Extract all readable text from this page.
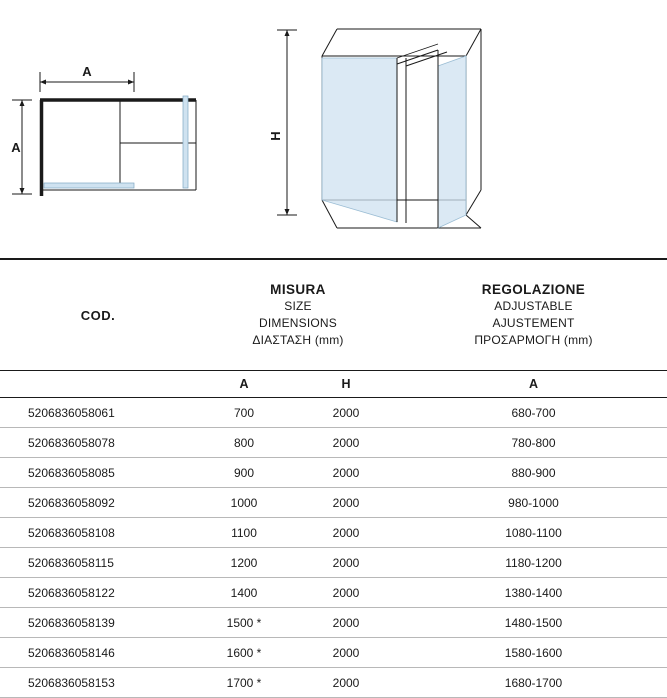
A
A
H
COD.	MISURA
SIZE
DIMENSIONS
ΔΙΑΣΤΑΣΗ (mm)		REGOLAZIONE
ADJUSTABLE
AJUSTEMENT
ΠΡΟΣΑΡΜΟΓΗ (mm)

	A	H	A
5206836058061	700	2000	680-700
5206836058078	800	2000	780-800
5206836058085	900	2000	880-900
5206836058092	1000	2000	980-1000
5206836058108	1100	2000	1080-1100
5206836058115	1200	2000	1180-1200
5206836058122	1400	2000	1380-1400
5206836058139	1500 *	2000	1480-1500
5206836058146	1600 *	2000	1580-1600
5206836058153	1700 *	2000	1680-1700
